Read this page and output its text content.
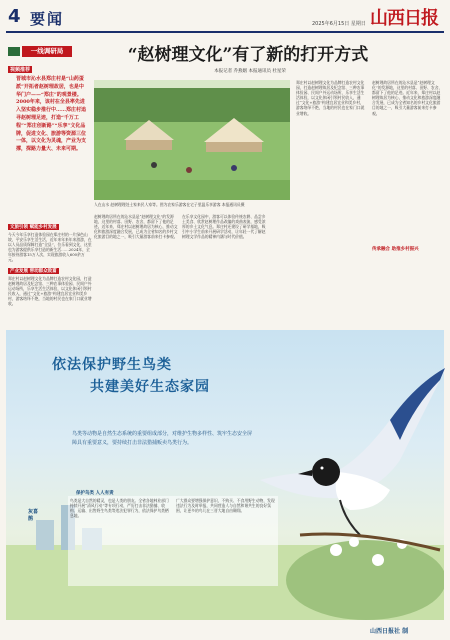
4 要闻	2025年6月15日 星期日 山西日报
一线调研局	“赵树理文化”有了新的打开方式
本报记者 乔燕姻 本报通讯员 杜星荣
视频推荐
晋城市沁水县郑庄村是“山药蛋派”开拓者赵树理故居，也是中华门户——“郑庄”的观景楼。2000年来，该村在全县率先进入坚实稳步推行中……郑庄村追寻赵树理足迹，打造“千万工程”“郑庄创新路”“乐享”文化品牌，促进文化、旅游等资源三位一体，以文化为灵魂，产业为支撑，探路力量大、未来可期。
人在山水 赵树理理处土家来民人家等。图为农家乐游客在宅子里温乐享游客 本报通讯员摄
文旅引领 赋能乡村发展
今天今年乐享打造体验园在郑庄村的一片绿色山坡，平安乐享生活生活，近年来年来年来游游，在以人员品质保障打造“全县”，位乐看到文化，这里也为游客提供乐享打造的新生活……2024年，全年接待游客15万人次，实现旅游收入600余万元。
产业发展 带动群众致富
郑庄村以赵树理文化为品牌打造农村文化园，打造赵树理故居及纪念馆、三种农事体验园、民间户外运动场所，乐享生活生活体验，以文化休闲引领村民收入，通过“文化+旅游”构建宜居宜业和美乡村，游客络绎不绝，当地的村民也在家门口就业增收。
赵树理故居所在的沁水县是“赵树理文化”的发源地，这里的村落、田野、农舍，都留下了他的足迹。近年来，郑庄村以赵树理故居为核心，推动文化和旅游深度融合发展，已成为全省知名的乡村文化旅游目的地之一，吸引大量游客前来打卡参观。
在乐享文化园中，游客可以体验传统农耕、品尝乡土美食、欣赏赵树理作品改编的戏曲表演，感受浓厚的乡土文化气息。郑庄村还建设了研学基地，吸引中小学生前来开展研学活动，让年轻一代了解赵树理文学作品的精神内涵与时代价值。
郑庄村以赵树理文化为品牌打造农村文化园，打造赵树理故居及纪念馆、三种农事体验园、民间户外运动场所，乐享生活生活体验，以文化休闲引领村民收入，通过“文化+旅游”构建宜居宜业和美乡村，游客络绎不绝，当地的村民也在家门口就业增收。
传承融合 助推乡村振兴
赵树理故居所在的沁水县是“赵树理文化”的发源地，这里的村落、田野、农舍，都留下了他的足迹。近年来，郑庄村以赵树理故居为核心，推动文化和旅游深度融合发展，已成为全省知名的乡村文化旅游目的地之一，吸引大量游客前来打卡参观。
依法保护野生鸟类
共建美好生态家园
鸟类等动物是自然生态系统的重要组成部分，对维护生物多样性、筑牢生态安全屏障具有重要意义，要持续打击非法猎捕贩卖鸟类行为。
保护鸟类 人人有责
灰喜鹊
鸟类是大自然的精灵，也是人类的朋友。全省各地林业部门持续开展“清风行动”等专项行动，严厉打击非法猎捕、收购、运输、出售野生鸟类等违法犯罪行为，依法保护鸟类栖息地。
广大群众要增强保护意识，不购买、不食用野生动物，发现违法行为及时举报，共同营造人与自然和谐共生的良好氛围，让更多的鸟儿在三晋大地自由翱翔。
山西日报社 制
